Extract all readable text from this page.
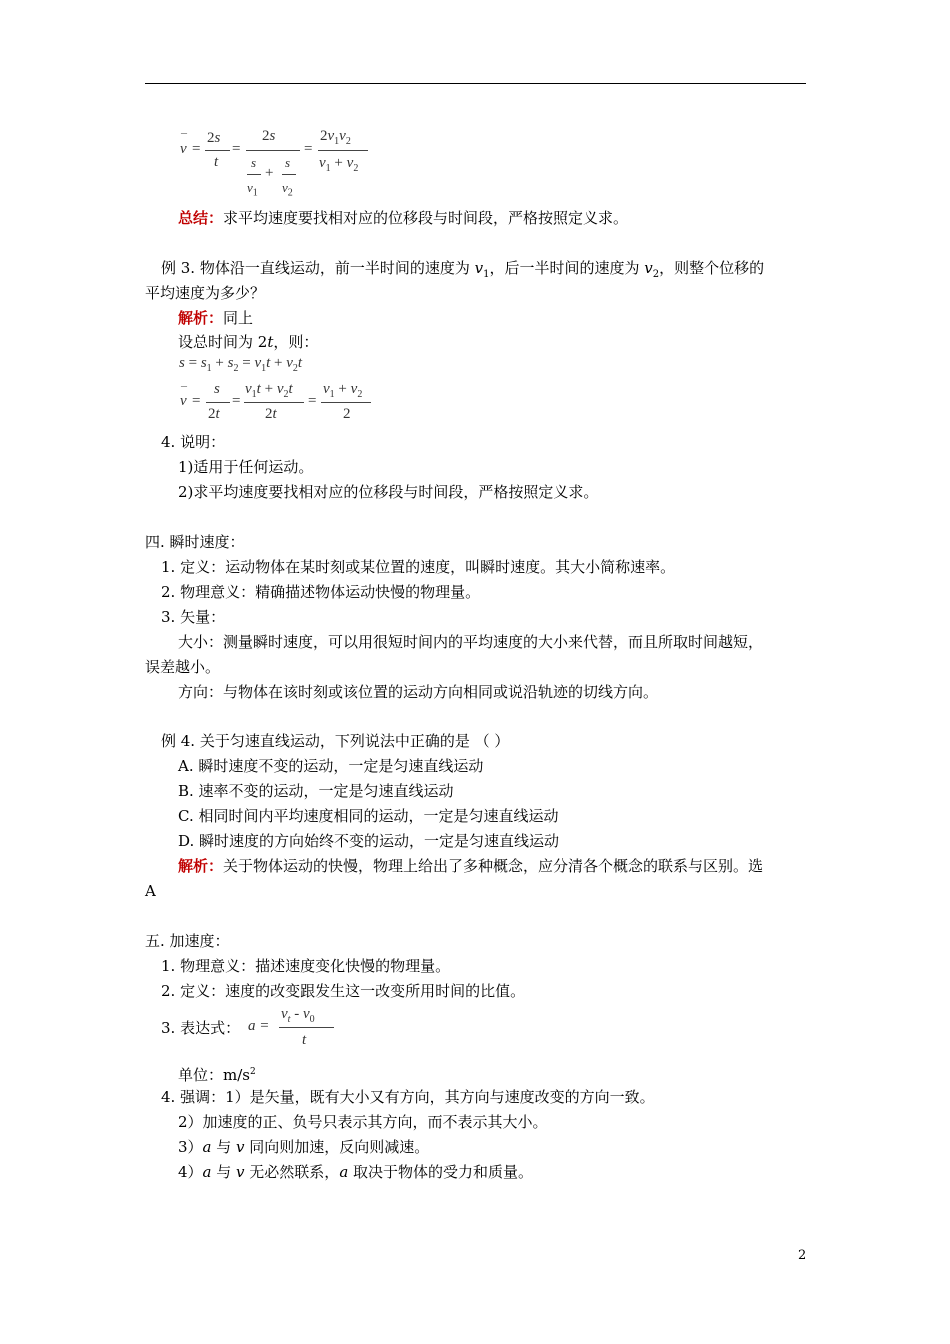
–
v =
2s
t
=
2s
s s
+
$v_1$ $v_2$
=
$2v_1v_2$
$v_1 + v_2$
总结：求平均速度要找相对应的位移段与时间段，严格按照定义求。
例 3. 物体沿一直线运动，前一半时间的速度为 $v_1$，后一半时间的速度为 $v_2$，则整个位移的
平均速度为多少？
解析：同上
设总时间为 2t，则：
$s = s_1 + s_2 = v_1t + v_2t$
–
v =
s
2t
=
$v_1t + v_2t$
2t
=
$v_1 + v_2$
2
4. 说明：
1)适用于任何运动。
2)求平均速度要找相对应的位移段与时间段，严格按照定义求。
四. 瞬时速度：
1. 定义：运动物体在某时刻或某位置的速度，叫瞬时速度。其大小简称速率。
2. 物理意义：精确描述物体运动快慢的物理量。
3. 矢量：
大小：测量瞬时速度，可以用很短时间内的平均速度的大小来代替，而且所取时间越短，
误差越小。
方向：与物体在该时刻或该位置的运动方向相同或说沿轨迹的切线方向。
例 4. 关于匀速直线运动，下列说法中正确的是 （ ）
A. 瞬时速度不变的运动，一定是匀速直线运动
B. 速率不变的运动，一定是匀速直线运动
C. 相同时间内平均速度相同的运动，一定是匀速直线运动
D. 瞬时速度的方向始终不变的运动，一定是匀速直线运动
解析：关于物体运动的快慢，物理上给出了多种概念，应分清各个概念的联系与区别。选
A
五. 加速度：
1. 物理意义：描述速度变化快慢的物理量。
2. 定义：速度的改变跟发生这一改变所用时间的比值。
3. 表达式： a =
$v_t - v_0$
t
单位：$m/s^2$
4. 强调：1）是矢量，既有大小又有方向，其方向与速度改变的方向一致。
2）加速度的正、负号只表示其方向，而不表示其大小。
3）a 与 v 同向则加速，反向则减速。
4）a 与 v 无必然联系，a 取决于物体的受力和质量。
2
